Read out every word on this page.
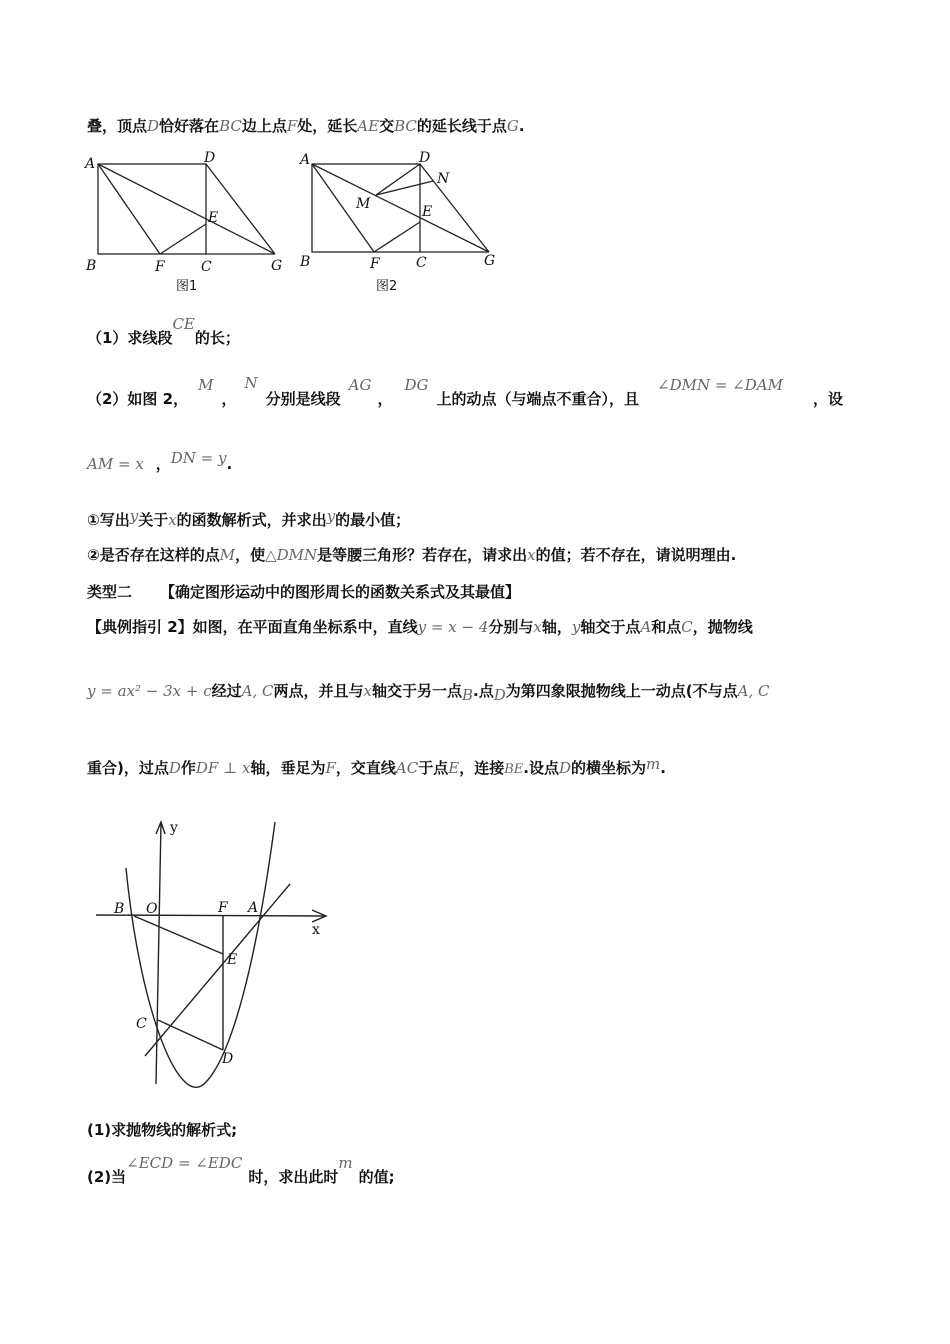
叠，顶点D恰好落在BC边上点F处，延长AE交BC的延长线于点G.
A	D
B	F	C	G
E
图1
A	D
N
M	E
B	F	C	G
图2
（1）求线段CE的长；
（2）如图 2，M，N分别是线段AG，DG上的动点（与端点不重合），且∠DMN = ∠DAM，设
AM = x ，DN = y.
①写出y关于x的函数解析式，并求出y的最小值；
②是否存在这样的点M，使△DMN是等腰三角形？若存在，请求出x的值；若不存在，请说明理由.
类型二 【确定图形运动中的图形周长的函数关系式及其最值】
【典例指引 2】如图，在平面直角坐标系中，直线y = x − 4分别与x轴，y轴交于点A和点C，抛物线
y = ax² − 3x + c经过A, C两点，并且与x轴交于另一点B.点D为第四象限抛物线上一动点(不与点A, C
重合)，过点D作DF ⊥ x轴，垂足为F，交直线AC于点E，连接BE.设点D的横坐标为m.
y
x
B O	F A
E
C
D
(1)求抛物线的解析式;
(2)当∠ECD = ∠EDC时，求出此时m的值;
